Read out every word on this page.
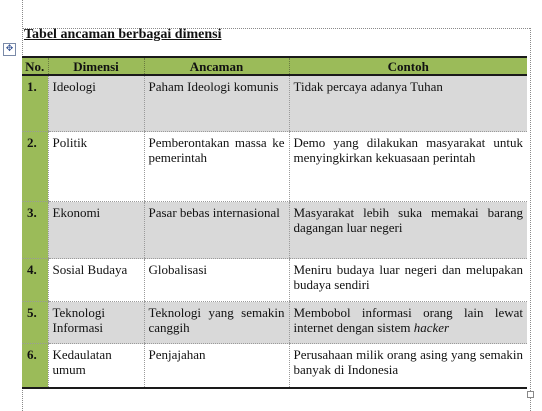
✥
Tabel ancaman berbagai dimensi
No.	Dimensi	Ancaman	Contoh
1.	Ideologi	Paham Ideologi komunis	Tidak percaya adanya Tuhan
2.	Politik	Pemberontakan massa ke pemerintah	Demo yang dilakukan masyarakat untuk menyingkirkan kekuasaan perintah
3.	Ekonomi	Pasar bebas internasional	Masyarakat lebih suka memakai barang dagangan luar negeri
4.	Sosial Budaya	Globalisasi	Meniru budaya luar negeri dan melupakan budaya sendiri
5.	Teknologi Informasi	Teknologi yang semakin canggih	Membobol informasi orang lain lewat internet dengan sistem hacker
6.	Kedaulatan umum	Penjajahan	Perusahaan milik orang asing yang semakin banyak di Indonesia
